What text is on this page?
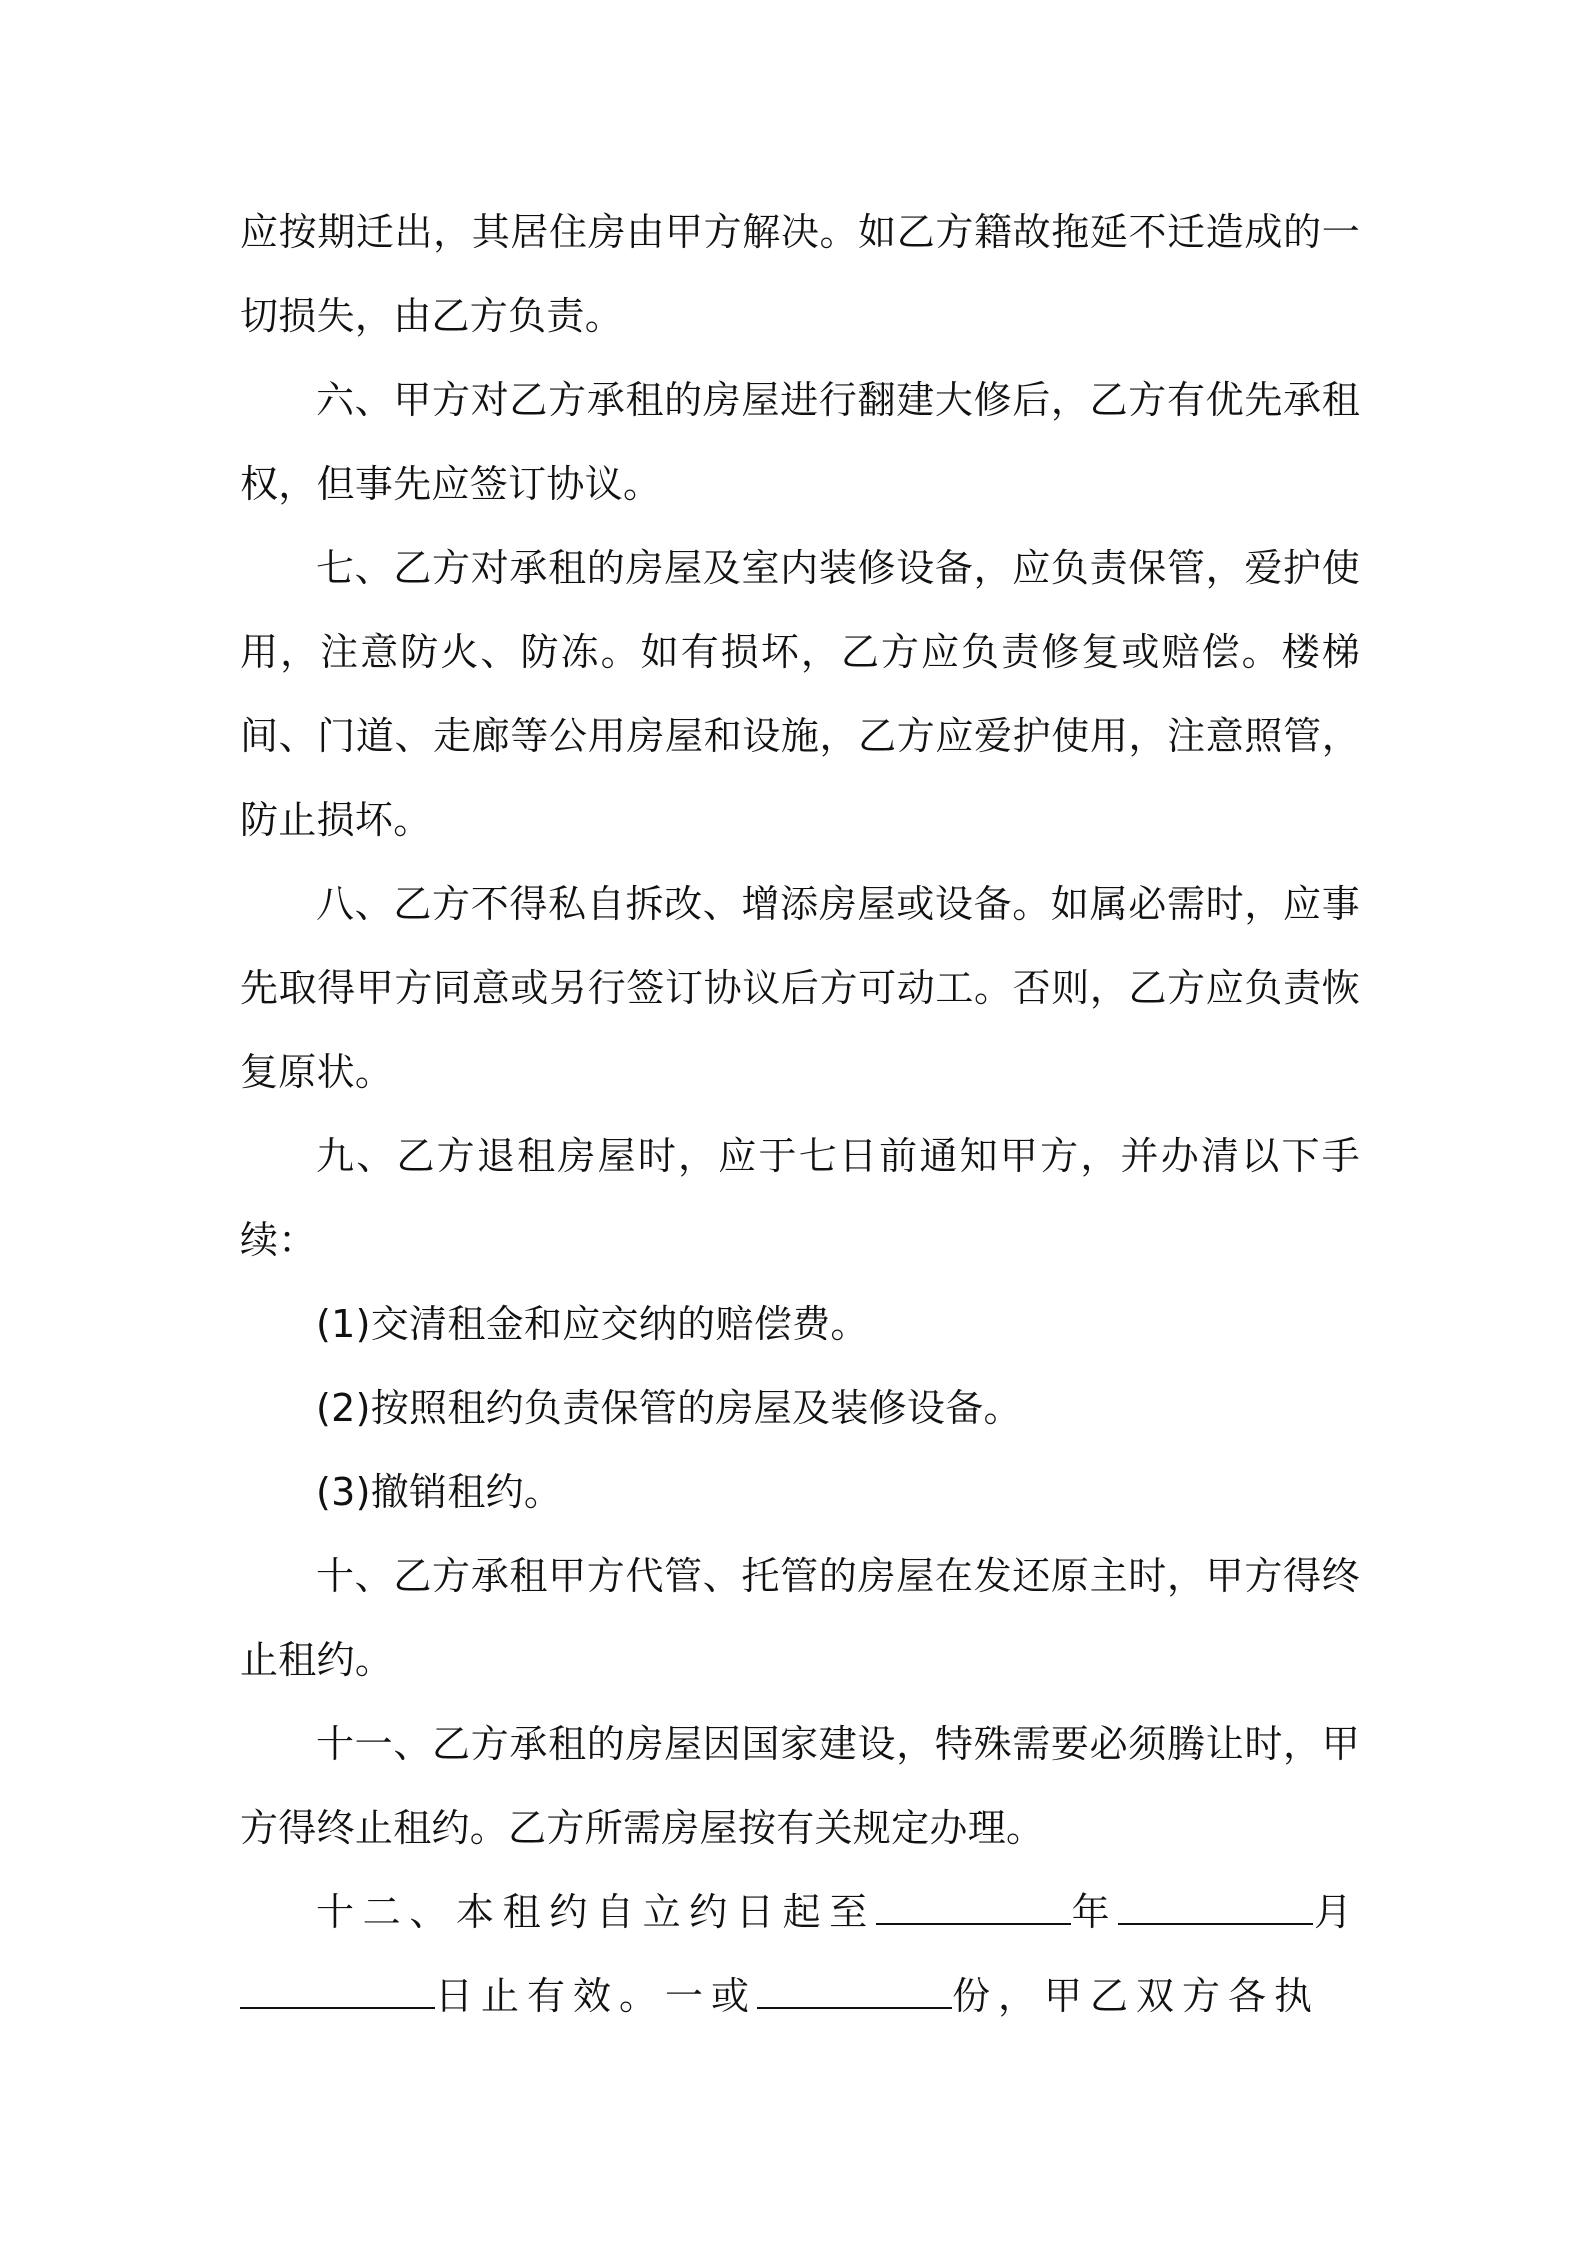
应按期迁出，其居住房由甲方解决。如乙方籍故拖延不迁造成的一切损失，由乙方负责。

六、甲方对乙方承租的房屋进行翻建大修后，乙方有优先承租权，但事先应签订协议。

七、乙方对承租的房屋及室内装修设备，应负责保管，爱护使用，注意防火、防冻。如有损坏，乙方应负责修复或赔偿。楼梯间、门道、走廊等公用房屋和设施，乙方应爱护使用，注意照管，防止损坏。

八、乙方不得私自拆改、增添房屋或设备。如属必需时，应事先取得甲方同意或另行签订协议后方可动工。否则，乙方应负责恢复原状。

九、乙方退租房屋时，应于七日前通知甲方，并办清以下手续：

(1)交清租金和应交纳的赔偿费。

(2)按照租约负责保管的房屋及装修设备。

(3)撤销租约。

十、乙方承租甲方代管、托管的房屋在发还原主时，甲方得终止租约。

十一、乙方承租的房屋因国家建设，特殊需要必须腾让时，甲方得终止租约。乙方所需房屋按有关规定办理。

十二、本租约自立约日起至	年	月日止有效。一或	份，甲乙双方各执
